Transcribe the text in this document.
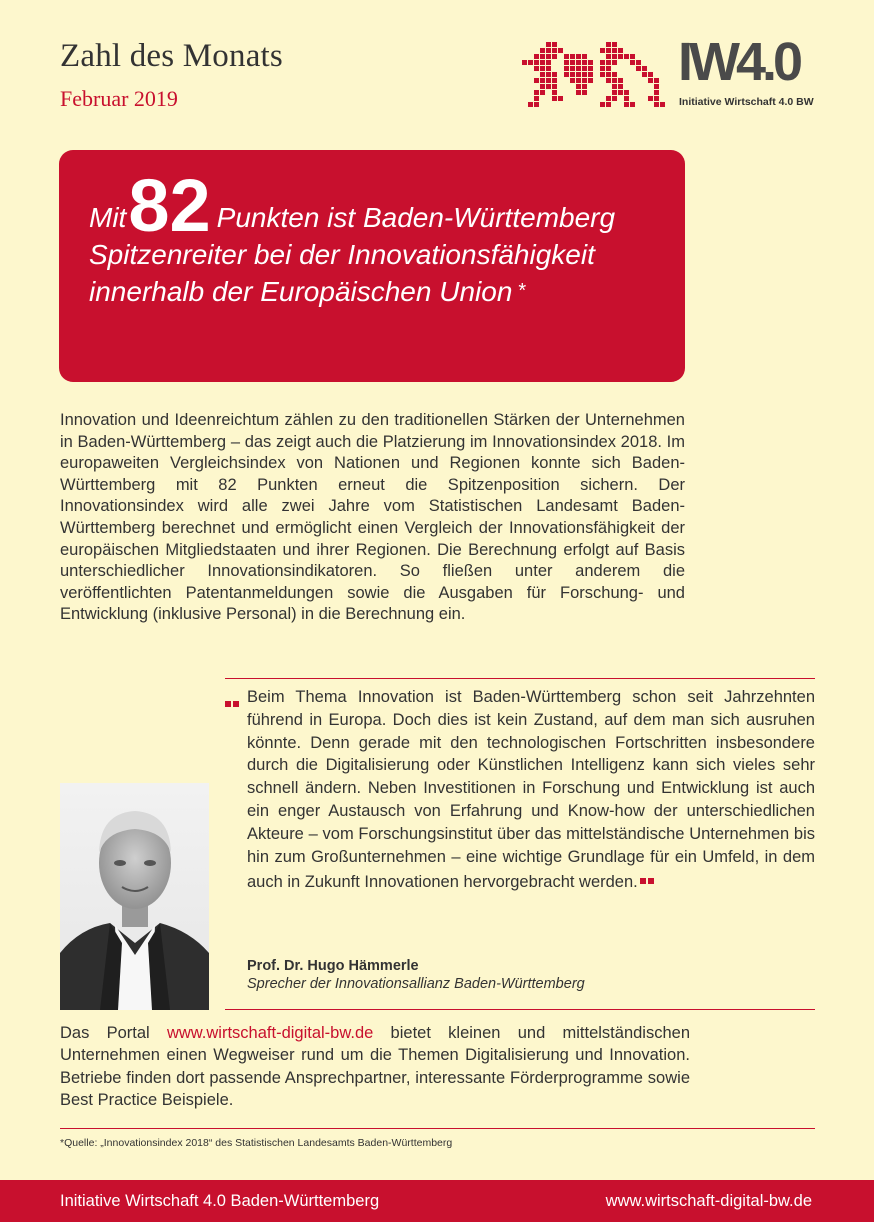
Zahl des Monats
Februar 2019
IW4.0
Initiative Wirtschaft 4.0 BW

Mit82 Punkten ist Baden-Württemberg Spitzenreiter bei der Innovationsfähigkeit innerhalb der Europäischen Union *

Innovation und Ideenreichtum zählen zu den traditionellen Stärken der Unternehmen in Baden-Württemberg – das zeigt auch die Platzierung im Innovationsindex 2018. Im europaweiten Vergleichsindex von Nationen und Regionen konnte sich Baden-Württemberg mit 82 Punkten erneut die Spitzenposition sichern. Der Innovationsindex wird alle zwei Jahre vom Statistischen Landesamt Baden-Württemberg berechnet und ermöglicht einen Vergleich der Innovationsfähigkeit der europäischen Mitgliedstaaten und ihrer Regionen. Die Berechnung erfolgt auf Basis unterschiedlicher Innovationsindikatoren. So fließen unter anderem die veröffentlichten Patentanmeldungen sowie die Ausgaben für Forschung- und Entwicklung (inklusive Personal) in die Berechnung ein.

Beim Thema Innovation ist Baden-Württemberg schon seit Jahrzehnten führend in Europa. Doch dies ist kein Zustand, auf dem man sich ausruhen könnte. Denn gerade mit den technologischen Fortschritten insbesondere durch die Digitalisierung oder Künstlichen Intelligenz kann sich vieles sehr schnell ändern. Neben Investitionen in Forschung und Entwicklung ist auch ein enger Austausch von Erfahrung und Know-how der unterschiedlichen Akteure – vom Forschungsinstitut über das mittelständische Unternehmen bis hin zum Großunternehmen – eine wichtige Grundlage für ein Umfeld, in dem auch in Zukunft Innovationen hervorgebracht werden.

Prof. Dr. Hugo Hämmerle
Sprecher der Innovationsallianz Baden-Württemberg

Das Portal www.wirtschaft-digital-bw.de bietet kleinen und mittelständischen Unternehmen einen Wegweiser rund um die Themen Digitalisierung und Innovation. Betriebe finden dort passende Ansprechpartner, interessante Förderprogramme sowie Best Practice Beispiele.

*Quelle: „Innovationsindex 2018“ des Statistischen Landesamts Baden-Württemberg
Initiative Wirtschaft 4.0 Baden-Württemberg	www.wirtschaft-digital-bw.de
